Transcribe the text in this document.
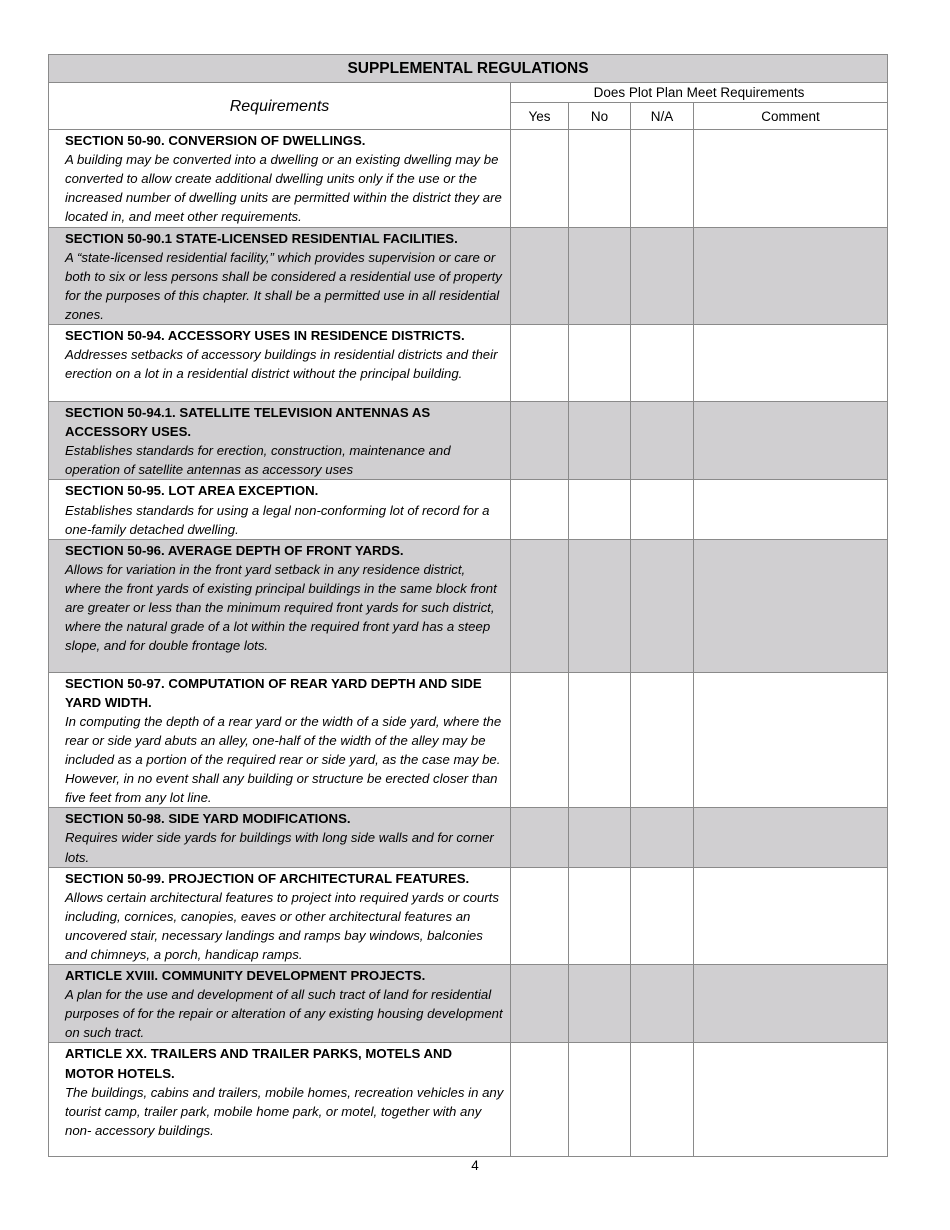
SUPPLEMENTAL REGULATIONS				
Requirements	Does Plot Plan Meet Requirements			
	Yes	No	N/A	Comment

SECTION 50-90. CONVERSION OF DWELLINGS.
A building may be converted into a dwelling or an existing dwelling may be converted to allow create additional dwelling units only if the use or the increased number of dwelling units are permitted within the district they are located in, and meet other requirements.				

SECTION 50-90.1 STATE-LICENSED RESIDENTIAL FACILITIES.
A “state-licensed residential facility,” which provides supervision or care or both to six or less persons shall be considered a residential use of property for the purposes of this chapter. It shall be a permitted use in all residential zones.				

SECTION 50-94. ACCESSORY USES IN RESIDENCE DISTRICTS.
Addresses setbacks of accessory buildings in residential districts and their erection on a lot in a residential district without the principal building.				

SECTION 50-94.1. SATELLITE TELEVISION ANTENNAS AS ACCESSORY USES.
Establishes standards for erection, construction, maintenance and operation of satellite antennas as accessory uses				

SECTION 50-95. LOT AREA EXCEPTION.
Establishes standards for using a legal non-conforming lot of record for a one-family detached dwelling.				

SECTION 50-96. AVERAGE DEPTH OF FRONT YARDS.
Allows for variation in the front yard setback in any residence district, where the front yards of existing principal buildings in the same block front are greater or less than the minimum required front yards for such district, where the natural grade of a lot within the required front yard has a steep slope, and for double frontage lots.				

SECTION 50-97. COMPUTATION OF REAR YARD DEPTH AND SIDE YARD WIDTH.
In computing the depth of a rear yard or the width of a side yard, where the rear or side yard abuts an alley, one-half of the width of the alley may be included as a portion of the required rear or side yard, as the case may be. However, in no event shall any building or structure be erected closer than five feet from any lot line.				

SECTION 50-98. SIDE YARD MODIFICATIONS.
Requires wider side yards for buildings with long side walls and for corner lots.				

SECTION 50-99. PROJECTION OF ARCHITECTURAL FEATURES.
Allows certain architectural features to project into required yards or courts including, cornices, canopies, eaves or other architectural features an uncovered stair, necessary landings and ramps bay windows, balconies and chimneys, a porch, handicap ramps.				

ARTICLE XVIII. COMMUNITY DEVELOPMENT PROJECTS.
A plan for the use and development of all such tract of land for residential purposes of for the repair or alteration of any existing housing development on such tract.				

ARTICLE XX. TRAILERS AND TRAILER PARKS, MOTELS AND MOTOR HOTELS.
The buildings, cabins and trailers, mobile homes, recreation vehicles in any tourist camp, trailer park, mobile home park, or motel, together with any non- accessory buildings.				

4
